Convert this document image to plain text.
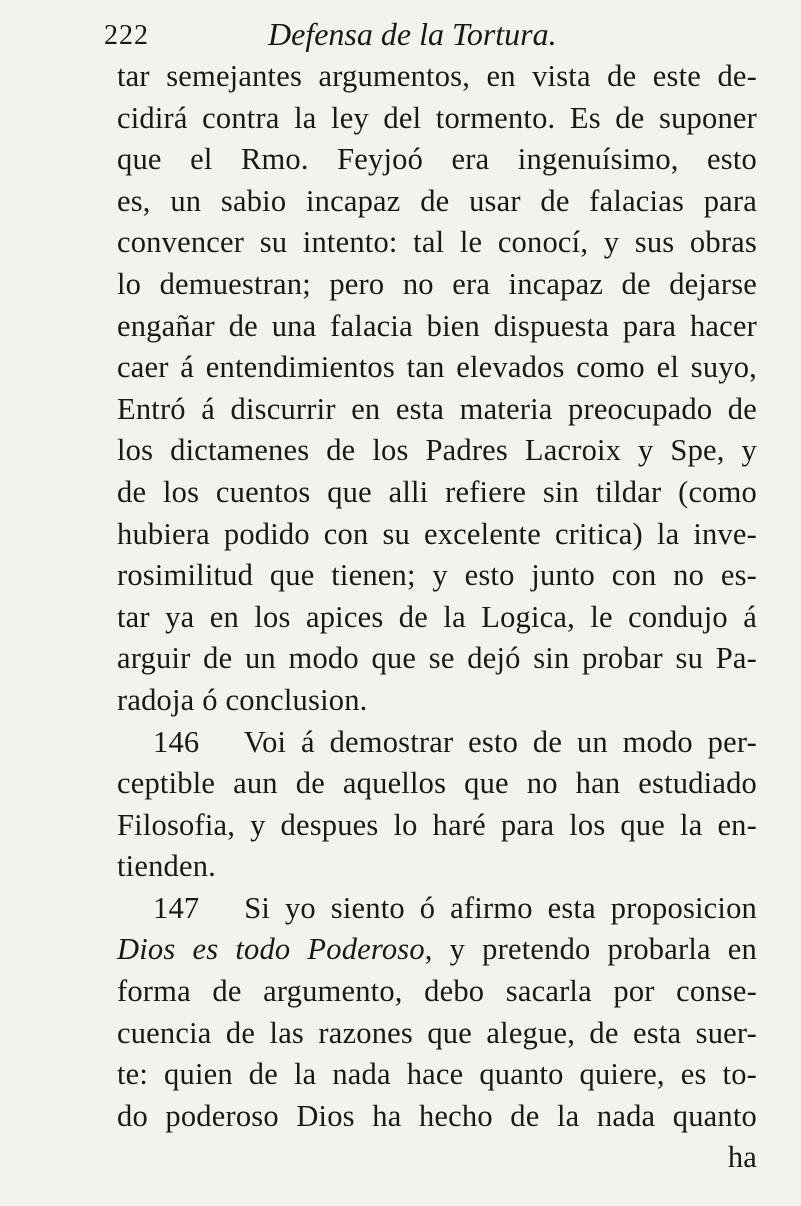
222	Defensa de la Tortura.
tar semejantes argumentos, en vista de este de-
cidirá contra la ley del tormento. Es de suponer
que el Rmo. Feyjoó era ingenuísimo, esto
es, un sabio incapaz de usar de falacias para
convencer su intento: tal le conocí, y sus obras
lo demuestran; pero no era incapaz de dejarse
engañar de una falacia bien dispuesta para hacer
caer á entendimientos tan elevados como el suyo,
Entró á discurrir en esta materia preocupado de
los dictamenes de los Padres Lacroix y Spe, y
de los cuentos que alli refiere sin tildar (como
hubiera podido con su excelente critica) la inve-
rosimilitud que tienen; y esto junto con no es-
tar ya en los apices de la Logica, le condujo á
arguir de un modo que se dejó sin probar su Pa-
radoja ó conclusion.
146 Voi á demostrar esto de un modo per-
ceptible aun de aquellos que no han estudiado
Filosofia, y despues lo haré para los que la en-
tienden.
147 Si yo siento ó afirmo esta proposicion
Dios es todo Poderoso, y pretendo probarla en
forma de argumento, debo sacarla por conse-
cuencia de las razones que alegue, de esta suer-
te: quien de la nada hace quanto quiere, es to-
do poderoso Dios ha hecho de la nada quanto
ha
